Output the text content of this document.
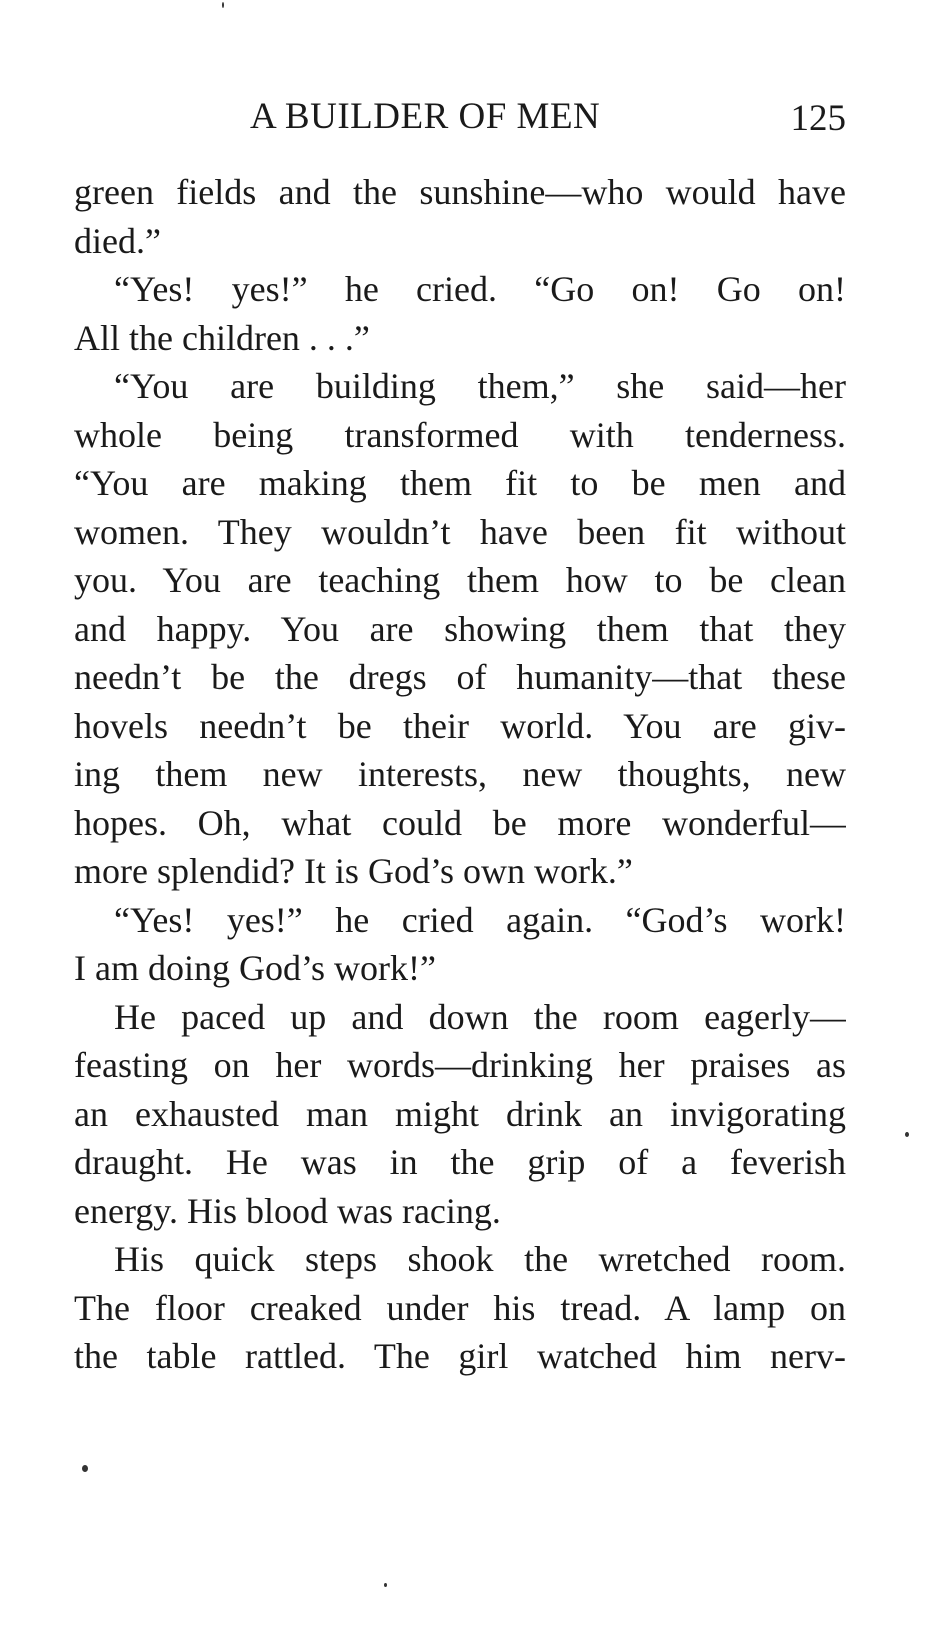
A BUILDER OF MEN	125
green fields and the sunshine—who would have
died.”
“Yes! yes!” he cried. “Go on! Go on!
All the children . . .”
“You are building them,” she said—her
whole being transformed with tenderness.
“You are making them fit to be men and
women. They wouldn’t have been fit without
you. You are teaching them how to be clean
and happy. You are showing them that they
needn’t be the dregs of humanity—that these
hovels needn’t be their world. You are giv-
ing them new interests, new thoughts, new
hopes. Oh, what could be more wonderful—
more splendid? It is God’s own work.”
“Yes! yes!” he cried again. “God’s work!
I am doing God’s work!”
He paced up and down the room eagerly—
feasting on her words—drinking her praises as
an exhausted man might drink an invigorating
draught. He was in the grip of a feverish
energy. His blood was racing.
His quick steps shook the wretched room.
The floor creaked under his tread. A lamp on
the table rattled. The girl watched him nerv-
